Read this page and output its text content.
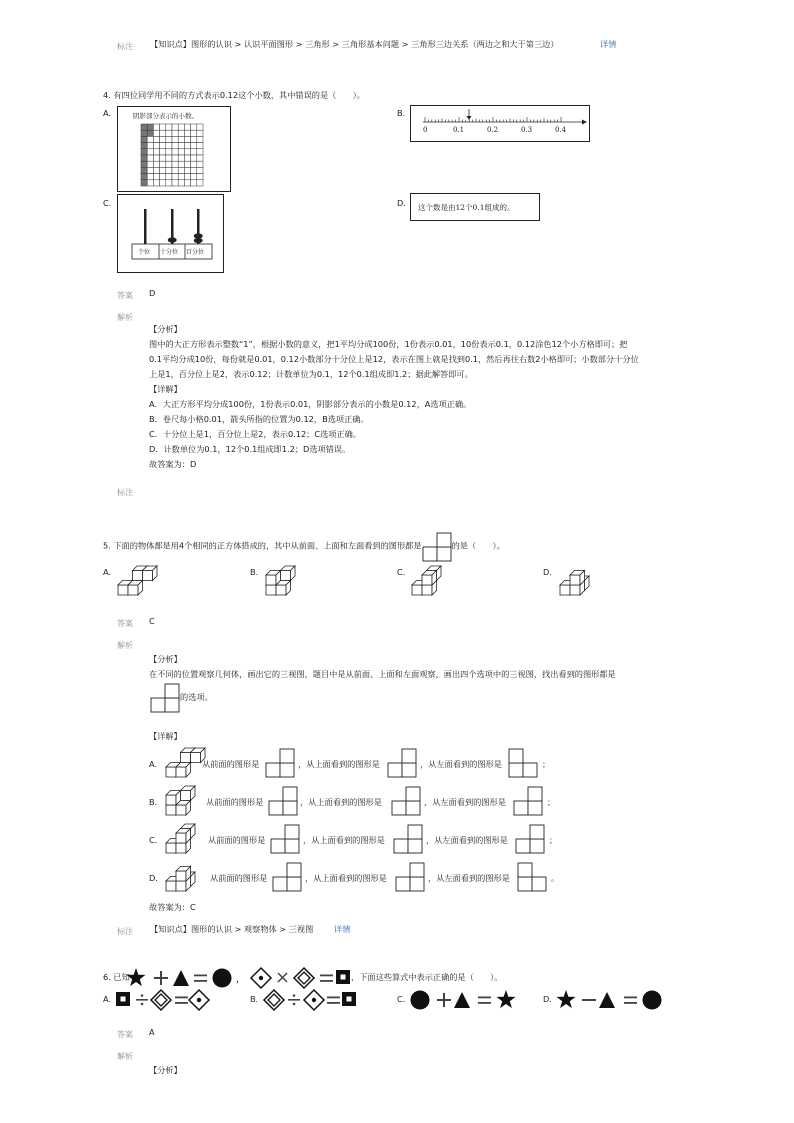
标注 【知识点】图形的认识 > 认识平面图形 > 三角形 > 三角形基本问题 > 三角形三边关系（两边之和大于第三边）	详情
4. 有四位同学用不同的方式表示0.12这个小数，其中错误的是（　　）。
A.	阴影部分表示的小数。	B.
0	0.1	0.2	0.3	0.4
C.
个位 十分位 百分位
D. 这个数是由12个0.1组成的。
答案 D
解析
【分析】
图中的大正方形表示整数“1”，根据小数的意义，把1平均分成100份，1份表示0.01，10份表示0.1，0.12涂色12个小方格即可；把
0.1平均分成10份，每份就是0.01，0.12小数部分十分位上是12，表示在图上就是找到0.1，然后再往右数2小格即可；小数部分十分位
上是1，百分位上是2，表示0.12；计数单位为0.1，12个0.1组成即1.2；据此解答即可。
【详解】
A．大正方形平均分成100份，1份表示0.01，阴影部分表示的小数是0.12，A选项正确。
B．卷尺每小格0.01，箭头所指的位置为0.12，B选项正确。
C．十分位上是1，百分位上是2，表示0.12；C选项正确。
D．计数单位为0.1，12个0.1组成即1.2；D选项错误。
故答案为：D
标注
5. 下面的物体都是用4个相同的正方体搭成的，其中从前面、上面和左面看到的图形都是	的是（　　）。
A.	B.	C.	D.
答案 C
解析
【分析】
在不同的位置观察几何体，画出它的三视图，题目中是从前面、上面和左面观察，画出四个选项中的三视图，找出看到的图形都是
的选项。
【详解】
A．	从前面的图形是	，从上面看到的图形是	，从左面看到的图形是	；
B．	从前面的图形是	，从上面看到的图形是	，从左面看到的图形是	；
C．	从前面的图形是	，从上面看到的图形是	，从左面看到的图形是	；
D．	从前面的图形是	，从上面看到的图形是	，从左面看到的图形是	。
故答案为：C
标注 【知识点】图形的认识 > 观察物体 > 三视图	详情
6. 已知	，	，下面这些算式中表示正确的是（　　）。
A.	B.	C.	D.
答案 A
解析
【分析】
